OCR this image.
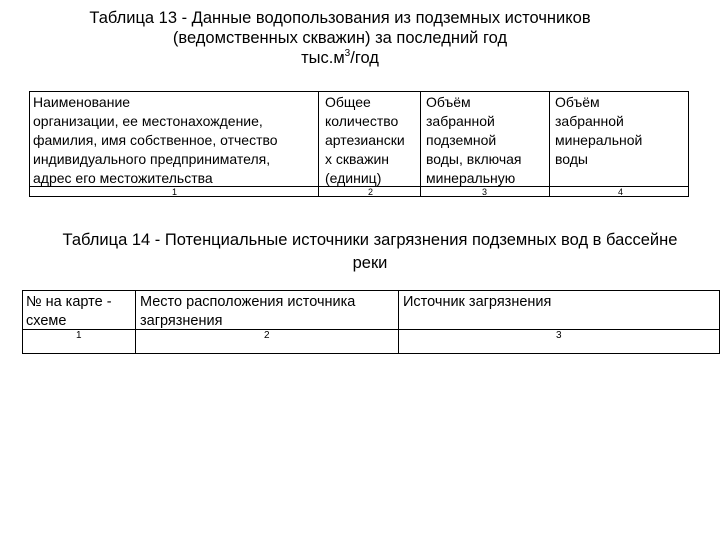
Таблица 13 - Данные водопользования из подземных источников
(ведомственных скважин) за последний год
$тыс.м^3$/год
Наименование
организации, ее местонахождение,
фамилия, имя собственное, отчество
индивидуального предпринимателя,
адрес его местожительства
1
Общее
количество
артезиански
х скважин
(единиц)
2
Объём
забранной
подземной
воды, включая
минеральную
3
Объём
забранной
минеральной
воды
4
Таблица 14 - Потенциальные источники загрязнения подземных вод в бассейне
реки
№ на карте -
схеме
1
Место расположения источника
загрязнения
2
Источник загрязнения
3
